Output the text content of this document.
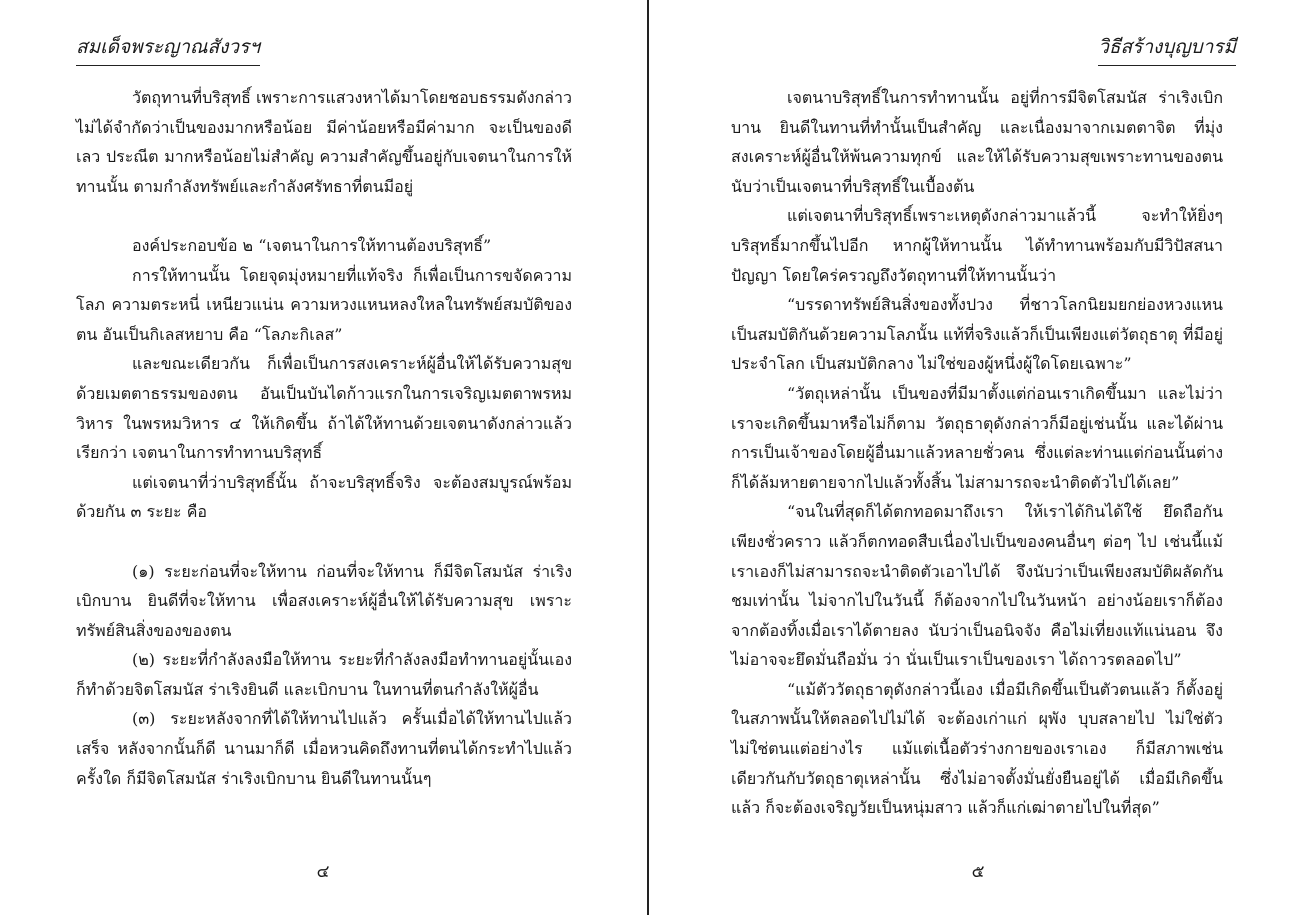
สมเด็จพระญาณสังวรฯ

วัตถุทานที่บริสุทธิ์ เพราะการแสวงหาได้มาโดยชอบธรรมดังกล่าว ไม่ได้จำกัดว่าเป็นของมากหรือน้อย มีค่าน้อยหรือมีค่ามาก จะเป็นของดีเลว ประณีต มากหรือน้อยไม่สำคัญ ความสำคัญขึ้นอยู่กับเจตนาในการให้ทานนั้น ตามกำลังทรัพย์และกำลังศรัทธาที่ตนมีอยู่

องค์ประกอบข้อ ๒ “เจตนาในการให้ทานต้องบริสุทธิ์”

การให้ทานนั้น โดยจุดมุ่งหมายที่แท้จริง ก็เพื่อเป็นการขจัดความโลภ ความตระหนี่ เหนียวแน่น ความหวงแหนหลงใหลในทรัพย์สมบัติของตน อันเป็นกิเลสหยาบ คือ “โลภะกิเลส”

และขณะเดียวกัน ก็เพื่อเป็นการสงเคราะห์ผู้อื่นให้ได้รับความสุขด้วยเมตตาธรรมของตน อันเป็นบันไดก้าวแรกในการเจริญเมตตาพรหมวิหาร ในพรหมวิหาร ๔ ให้เกิดขึ้น ถ้าได้ให้ทานด้วยเจตนาดังกล่าวแล้ว เรียกว่า เจตนาในการทำทานบริสุทธิ์

แต่เจตนาที่ว่าบริสุทธิ์นั้น ถ้าจะบริสุทธิ์จริง จะต้องสมบูรณ์พร้อมด้วยกัน ๓ ระยะ คือ

(๑) ระยะก่อนที่จะให้ทาน ก่อนที่จะให้ทาน ก็มีจิตโสมนัส ร่าเริงเบิกบาน ยินดีที่จะให้ทาน เพื่อสงเคราะห์ผู้อื่นให้ได้รับความสุข เพราะทรัพย์สินสิ่งของของตน

(๒) ระยะที่กำลังลงมือให้ทาน ระยะที่กำลังลงมือทำทานอยู่นั้นเองก็ทำด้วยจิตโสมนัส ร่าเริงยินดี และเบิกบาน ในทานที่ตนกำลังให้ผู้อื่น

(๓) ระยะหลังจากที่ได้ให้ทานไปแล้ว ครั้นเมื่อได้ให้ทานไปแล้วเสร็จ หลังจากนั้นก็ดี นานมาก็ดี เมื่อหวนคิดถึงทานที่ตนได้กระทำไปแล้วครั้งใด ก็มีจิตโสมนัส ร่าเริงเบิกบาน ยินดีในทานนั้นๆ

๔
วิธีสร้างบุญบารมี

เจตนาบริสุทธิ์ในการทำทานนั้น อยู่ที่การมีจิตโสมนัส ร่าเริงเบิกบาน ยินดีในทานที่ทำนั้นเป็นสำคัญ และเนื่องมาจากเมตตาจิต ที่มุ่งสงเคราะห์ผู้อื่นให้พ้นความทุกข์ และให้ได้รับความสุขเพราะทานของตน นับว่าเป็นเจตนาที่บริสุทธิ์ในเบื้องต้น

แต่เจตนาที่บริสุทธิ์เพราะเหตุดังกล่าวมาแล้วนี้ จะทำให้ยิ่งๆ บริสุทธิ์มากขึ้นไปอีก หากผู้ให้ทานนั้น ได้ทำทานพร้อมกับมีวิปัสสนาปัญญา โดยใคร่ครวญถึงวัตถุทานที่ให้ทานนั้นว่า

“บรรดาทรัพย์สินสิ่งของทั้งปวง ที่ชาวโลกนิยมยกย่องหวงแหน เป็นสมบัติกันด้วยความโลภนั้น แท้ที่จริงแล้วก็เป็นเพียงแต่วัตถุธาตุ ที่มีอยู่ประจำโลก เป็นสมบัติกลาง ไม่ใช่ของผู้หนึ่งผู้ใดโดยเฉพาะ”

“วัตถุเหล่านั้น เป็นของที่มีมาตั้งแต่ก่อนเราเกิดขึ้นมา และไม่ว่าเราจะเกิดขึ้นมาหรือไม่ก็ตาม วัตถุธาตุดังกล่าวก็มีอยู่เช่นนั้น และได้ผ่านการเป็นเจ้าของโดยผู้อื่นมาแล้วหลายชั่วคน ซึ่งแต่ละท่านแต่ก่อนนั้นต่างก็ได้ล้มหายตายจากไปแล้วทั้งสิ้น ไม่สามารถจะนำติดตัวไปได้เลย”

“จนในที่สุดก็ได้ตกทอดมาถึงเรา ให้เราได้กินได้ใช้ ยึดถือกันเพียงชั่วคราว แล้วก็ตกทอดสืบเนื่องไปเป็นของคนอื่นๆ ต่อๆ ไป เช่นนี้แม้เราเองก็ไม่สามารถจะนำติดตัวเอาไปได้ จึงนับว่าเป็นเพียงสมบัติผลัดกันชมเท่านั้น ไม่จากไปในวันนี้ ก็ต้องจากไปในวันหน้า อย่างน้อยเราก็ต้องจากต้องทิ้งเมื่อเราได้ตายลง นับว่าเป็นอนิจจัง คือไม่เที่ยงแท้แน่นอน จึงไม่อาจจะยึดมั่นถือมั่น ว่า นั่นเป็นเราเป็นของเรา ได้ถาวรตลอดไป”

“แม้ตัววัตถุธาตุดังกล่าวนี้เอง เมื่อมีเกิดขึ้นเป็นตัวตนแล้ว ก็ตั้งอยู่ในสภาพนั้นให้ตลอดไปไม่ได้ จะต้องเก่าแก่ ผุพัง บุบสลายไป ไม่ใช่ตัวไม่ใช่ตนแต่อย่างไร แม้แต่เนื้อตัวร่างกายของเราเอง ก็มีสภาพเช่นเดียวกันกับวัตถุธาตุเหล่านั้น ซึ่งไม่อาจตั้งมั่นยั่งยืนอยู่ได้ เมื่อมีเกิดขึ้นแล้ว ก็จะต้องเจริญวัยเป็นหนุ่มสาว แล้วก็แก่เฒ่าตายไปในที่สุด”

๕
